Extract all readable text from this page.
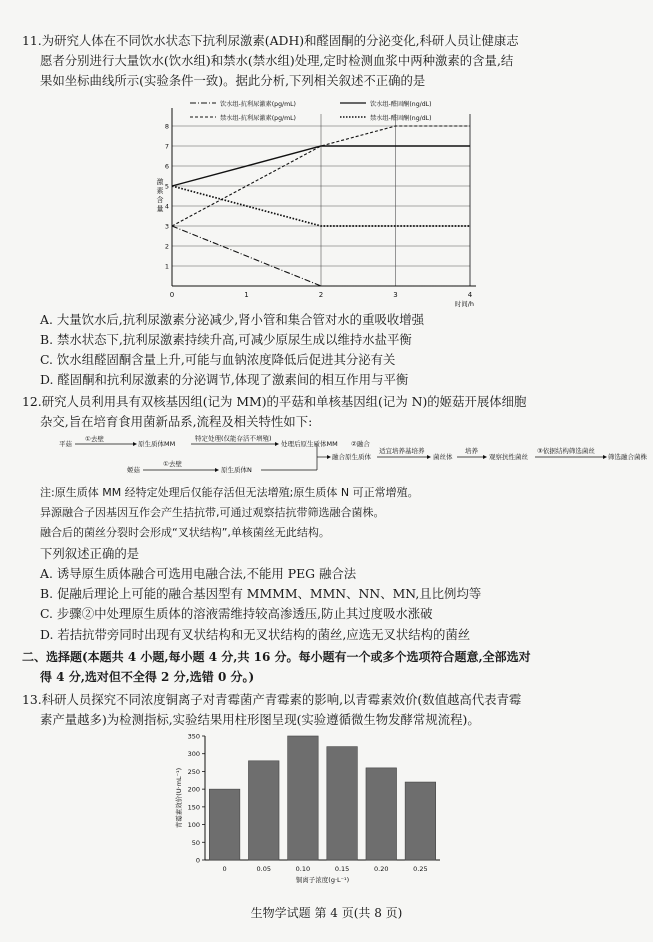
11.为研究人体在不同饮水状态下抗利尿激素(ADH)和醛固酮的分泌变化,科研人员让健康志
愿者分别进行大量饮水(饮水组)和禁水(禁水组)处理,定时检测血浆中两种激素的含量,结
果如坐标曲线所示(实验条件一致)。据此分析,下列相关叙述不正确的是
饮水组-抗利尿激素(pg/mL)	饮水组-醛固酮(ng/dL)
禁水组-抗利尿激素(pg/mL)	禁水组-醛固酮(ng/dL)
0	1	2	3	4
时间/h
1
2
3
4
5
6
7
8
激
素
含
量
A. 大量饮水后,抗利尿激素分泌减少,肾小管和集合管对水的重吸收增强
B. 禁水状态下,抗利尿激素持续升高,可减少原尿生成以维持水盐平衡
C. 饮水组醛固酮含量上升,可能与血钠浓度降低后促进其分泌有关
D. 醛固酮和抗利尿激素的分泌调节,体现了激素间的相互作用与平衡
12.研究人员利用具有双核基因组(记为 MM)的平菇和单核基因组(记为 N)的姬菇开展体细胞
杂交,旨在培育食用菌新品系,流程及相关特性如下:
平菇
①去壁
原生质体MM
特定处理(仅能存活不增殖)
处理后原生质体MM ②融合
姬菇
①去壁
原生质体N
融合原生质体
适宜培养基培养
菌丝体
培养
观察抗性菌丝
③依据结构筛选菌丝
筛选融合菌株
注:原生质体 MM 经特定处理后仅能存活但无法增殖;原生质体 N 可正常增殖。
异源融合子因基因互作会产生拮抗带,可通过观察拮抗带筛选融合菌株。
融合后的菌丝分裂时会形成“叉状结构”,单核菌丝无此结构。
下列叙述正确的是
A. 诱导原生质体融合可选用电融合法,不能用 PEG 融合法
B. 促融后理论上可能的融合基因型有 MMMM、MMN、NN、MN,且比例均等
C. 步骤②中处理原生质体的溶液需维持较高渗透压,防止其过度吸水涨破
D. 若拮抗带旁同时出现有叉状结构和无叉状结构的菌丝,应选无叉状结构的菌丝
二、选择题(本题共 4 小题,每小题 4 分,共 16 分。每小题有一个或多个选项符合题意,全部选对
得 4 分,选对但不全得 2 分,选错 0 分。)
13.科研人员探究不同浓度铜离子对青霉菌产青霉素的影响,以青霉素效价(数值越高代表青霉
素产量越多)为检测指标,实验结果用柱形图呈现(实验遵循微生物发酵常规流程)。
0
50
100
150
200
250
300
350
0	0.05	0.10	0.15	0.20	0.25
铜离子浓度(g·L⁻¹)
青霉素效价(U·mL⁻¹)
生物学试题 第 4 页(共 8 页)
